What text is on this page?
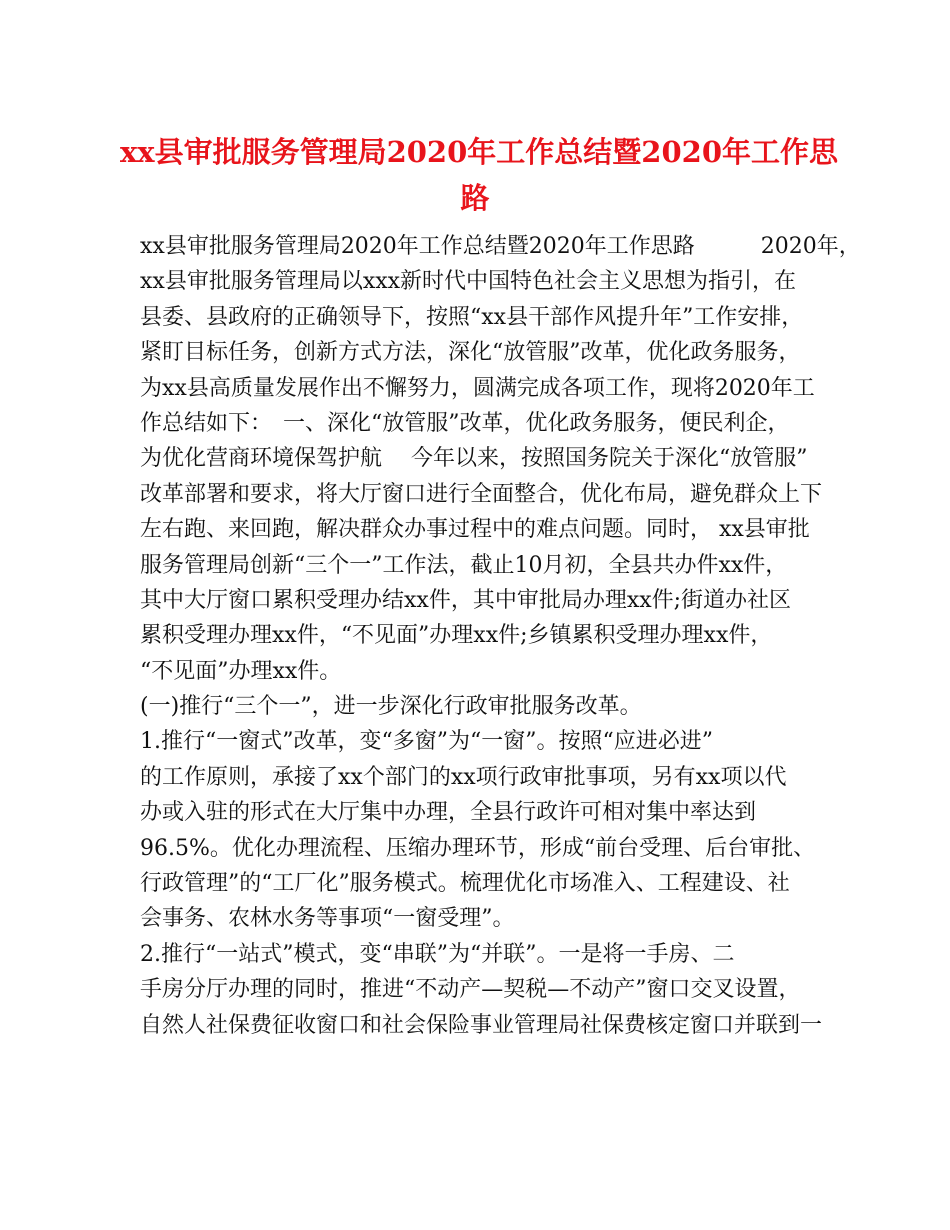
xx县审批服务管理局2020年工作总结暨2020年工作思
路
xx县审批服务管理局2020年工作总结暨2020年工作思路　　　2020年，
xx县审批服务管理局以xxx新时代中国特色社会主义思想为指引，在
县委、县政府的正确领导下，按照“xx县干部作风提升年”工作安排，
紧盯目标任务，创新方式方法，深化“放管服”改革，优化政务服务，
为xx县高质量发展作出不懈努力，圆满完成各项工作，现将2020年工
作总结如下：　一、深化“放管服”改革，优化政务服务，便民利企，
为优化营商环境保驾护航　 今年以来，按照国务院关于深化“放管服”
改革部署和要求，将大厅窗口进行全面整合，优化布局，避免群众上下
左右跑、来回跑，解决群众办事过程中的难点问题。同时， xx县审批
服务管理局创新“三个一”工作法，截止10月初，全县共办件xx件，
其中大厅窗口累积受理办结xx件，其中审批局办理xx件;街道办社区
累积受理办理xx件，“不见面”办理xx件;乡镇累积受理办理xx件，
“不见面”办理xx件。
(一)推行“三个一”，进一步深化行政审批服务改革。
1.推行“一窗式”改革，变“多窗”为“一窗”。按照“应进必进”
的工作原则，承接了xx个部门的xx项行政审批事项，另有xx项以代
办或入驻的形式在大厅集中办理，全县行政许可相对集中率达到
96.5%。优化办理流程、压缩办理环节，形成“前台受理、后台审批、
行政管理”的“工厂化”服务模式。梳理优化市场准入、工程建设、社
会事务、农林水务等事项“一窗受理”。
2.推行“一站式”模式，变“串联”为“并联”。一是将一手房、二
手房分厅办理的同时，推进“不动产—契税—不动产”窗口交叉设置，
自然人社保费征收窗口和社会保险事业管理局社保费核定窗口并联到一
